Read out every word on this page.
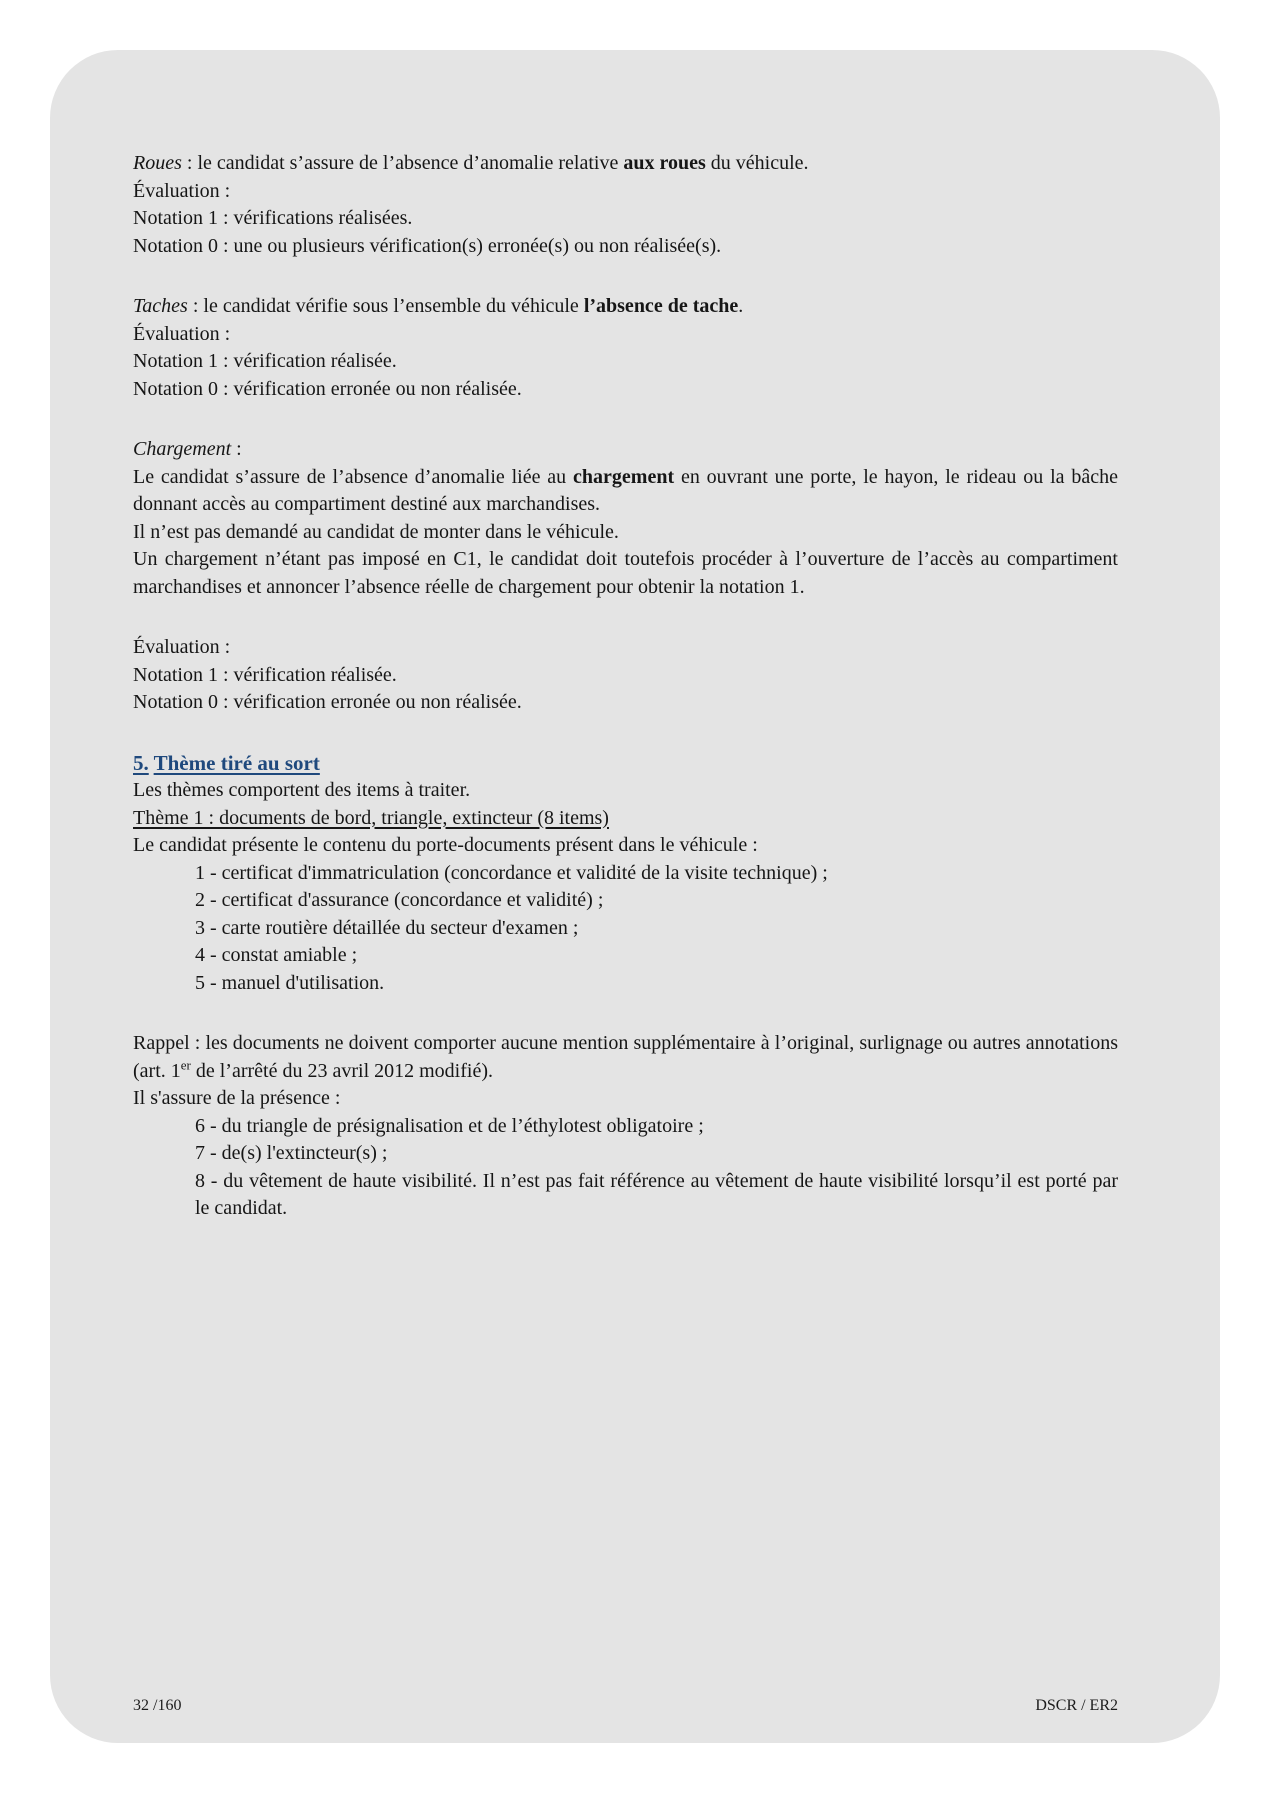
Roues : le candidat s’assure de l’absence d’anomalie relative aux roues du véhicule.

Évaluation :

Notation 1 : vérifications réalisées.

Notation 0 : une ou plusieurs vérification(s) erronée(s) ou non réalisée(s).

Taches : le candidat vérifie sous l’ensemble du véhicule l’absence de tache.

Évaluation :

Notation 1 : vérification réalisée.

Notation 0 : vérification erronée ou non réalisée.

Chargement :

Le candidat s’assure de l’absence d’anomalie liée au chargement en ouvrant une porte, le hayon, le rideau ou la bâche donnant accès au compartiment destiné aux marchandises.

Il n’est pas demandé au candidat de monter dans le véhicule.

Un chargement n’étant pas imposé en C1, le candidat doit toutefois procéder à l’ouverture de l’accès au compartiment marchandises et annoncer l’absence réelle de chargement pour obtenir la notation 1.

Évaluation :

Notation 1 : vérification réalisée.

Notation 0 : vérification erronée ou non réalisée.

5. Thème tiré au sort

Les thèmes comportent des items à traiter.

Thème 1 : documents de bord, triangle, extincteur (8 items)

Le candidat présente le contenu du porte-documents présent dans le véhicule :

1 - certificat d'immatriculation (concordance et validité de la visite technique) ;

2 - certificat d'assurance (concordance et validité) ;

3 - carte routière détaillée du secteur d'examen ;

4 - constat amiable ;

5 - manuel d'utilisation.

Rappel : les documents ne doivent comporter aucune mention supplémentaire à l’original, surlignage ou autres annotations (art. 1er de l’arrêté du 23 avril 2012 modifié).

Il s'assure de la présence :

6 - du triangle de présignalisation et de l’éthylotest obligatoire ;

7 - de(s) l'extincteur(s) ;

8 - du vêtement de haute visibilité. Il n’est pas fait référence au vêtement de haute visibilité lorsqu’il est porté par le candidat.

32 /160	DSCR / ER2
